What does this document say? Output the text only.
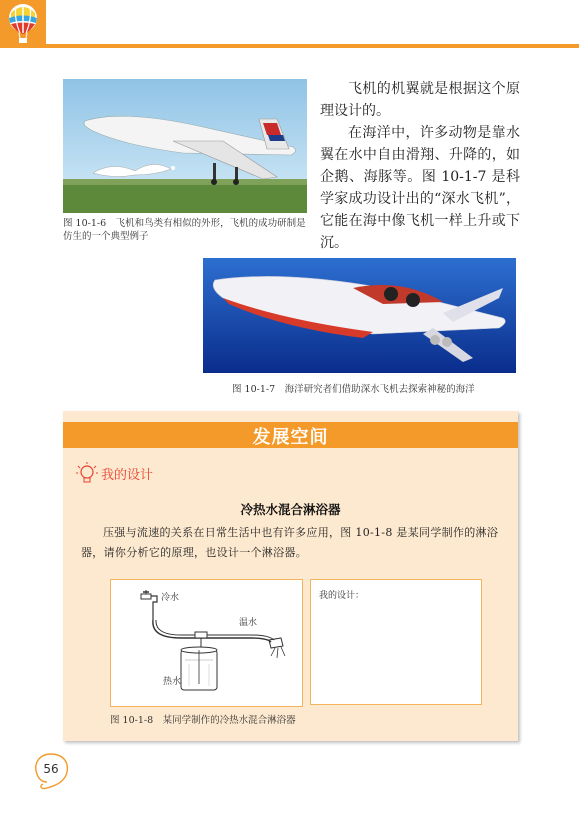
图 10-1-6　飞机和鸟类有相似的外形，飞机的成功研制是仿生的一个典型例子

飞机的机翼就是根据这个原理设计的。

在海洋中，许多动物是靠水翼在水中自由滑翔、升降的，如企鹅、海豚等。图 10-1-7 是科学家成功设计出的“深水飞机”，它能在海中像飞机一样上升或下沉。

图 10-1-7　海洋研究者们借助深水飞机去探索神秘的海洋
发展空间
我的设计
冷热水混合淋浴器
压强与流速的关系在日常生活中也有许多应用，图 10-1-8 是某同学制作的淋浴器，请你分析它的原理，也设计一个淋浴器。
冷水
温水
热水
我的设计：
图 10-1-8　某同学制作的冷热水混合淋浴器
56
